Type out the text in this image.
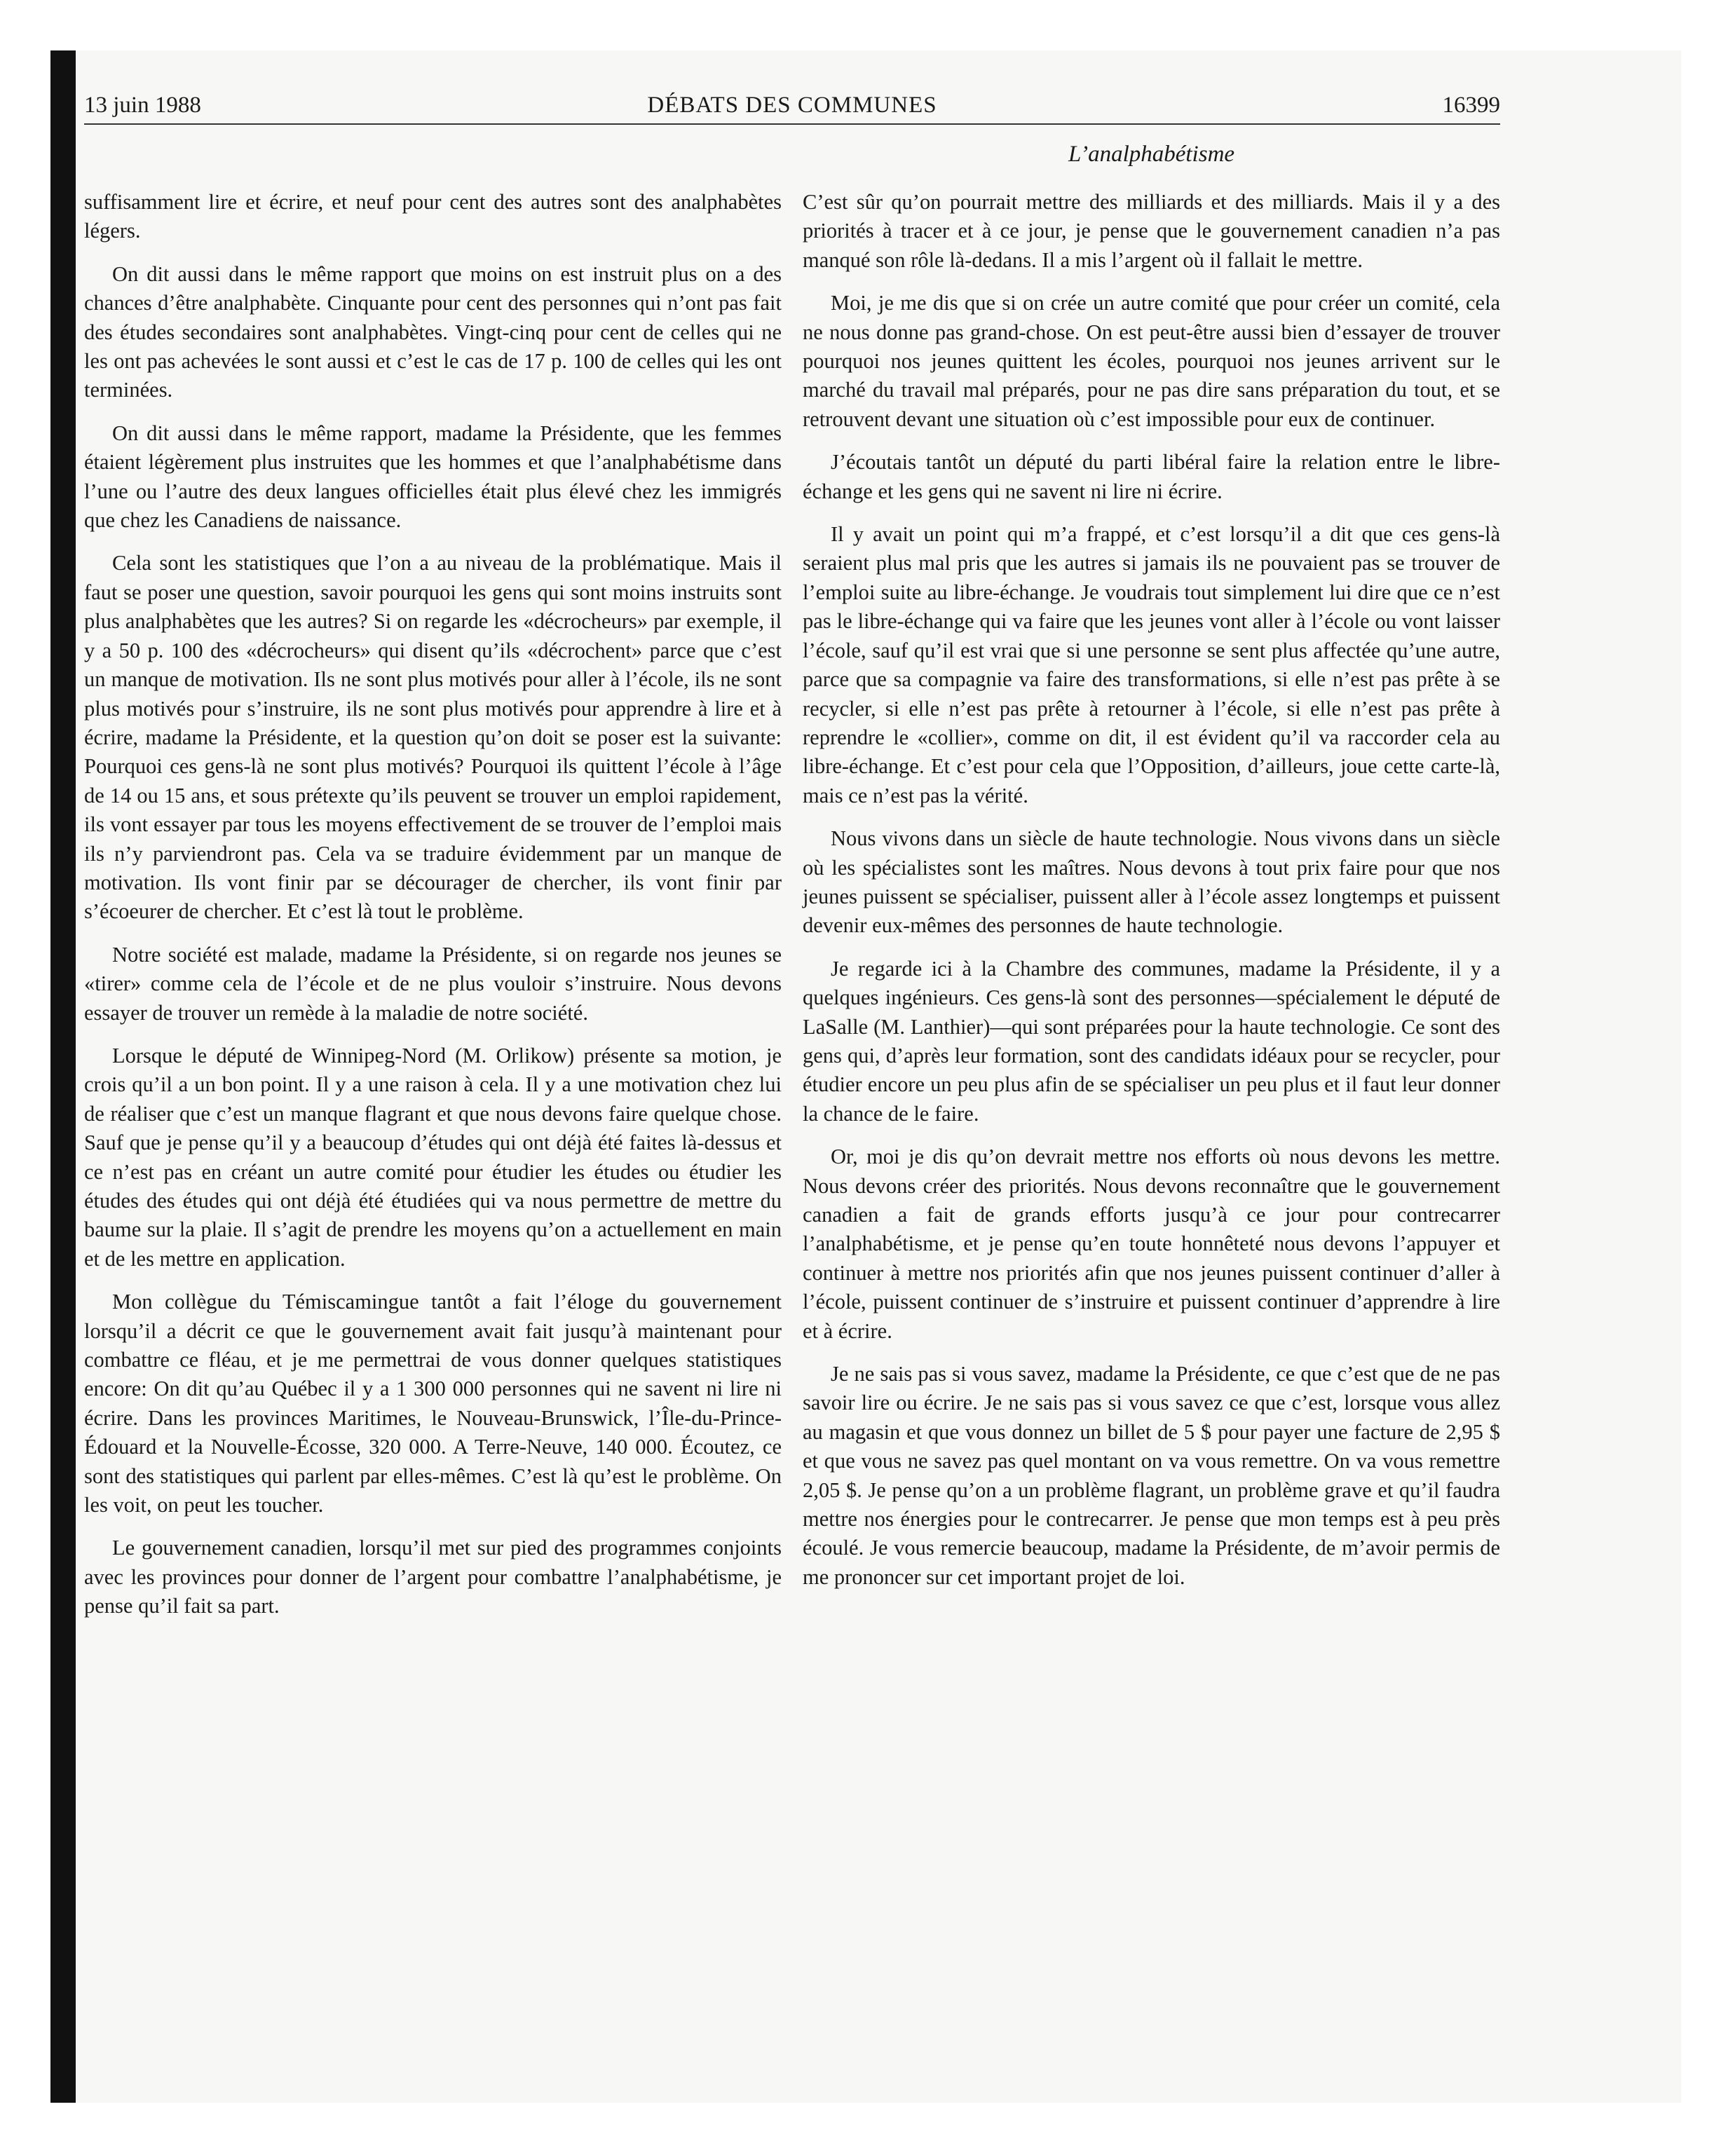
13 juin 1988	DÉBATS DES COMMUNES	16399
L’analphabétisme

suffisamment lire et écrire, et neuf pour cent des autres sont des analphabètes légers.

On dit aussi dans le même rapport que moins on est instruit plus on a des chances d’être analphabète. Cinquante pour cent des personnes qui n’ont pas fait des études secondaires sont analphabètes. Vingt-cinq pour cent de celles qui ne les ont pas achevées le sont aussi et c’est le cas de 17 p. 100 de celles qui les ont terminées.

On dit aussi dans le même rapport, madame la Présidente, que les femmes étaient légèrement plus instruites que les hommes et que l’analphabétisme dans l’une ou l’autre des deux langues officielles était plus élevé chez les immigrés que chez les Canadiens de naissance.

Cela sont les statistiques que l’on a au niveau de la problématique. Mais il faut se poser une question, savoir pourquoi les gens qui sont moins instruits sont plus analphabètes que les autres? Si on regarde les «décrocheurs» par exemple, il y a 50 p. 100 des «décrocheurs» qui disent qu’ils «décrochent» parce que c’est un manque de motivation. Ils ne sont plus motivés pour aller à l’école, ils ne sont plus motivés pour s’instruire, ils ne sont plus motivés pour apprendre à lire et à écrire, madame la Présidente, et la question qu’on doit se poser est la suivante: Pourquoi ces gens-là ne sont plus motivés? Pourquoi ils quittent l’école à l’âge de 14 ou 15 ans, et sous prétexte qu’ils peuvent se trouver un emploi rapidement, ils vont essayer par tous les moyens effectivement de se trouver de l’emploi mais ils n’y parviendront pas. Cela va se traduire évidemment par un manque de motivation. Ils vont finir par se décourager de chercher, ils vont finir par s’écoeurer de chercher. Et c’est là tout le problème.

Notre société est malade, madame la Présidente, si on regarde nos jeunes se «tirer» comme cela de l’école et de ne plus vouloir s’instruire. Nous devons essayer de trouver un remède à la maladie de notre société.

Lorsque le député de Winnipeg-Nord (M. Orlikow) présente sa motion, je crois qu’il a un bon point. Il y a une raison à cela. Il y a une motivation chez lui de réaliser que c’est un manque flagrant et que nous devons faire quelque chose. Sauf que je pense qu’il y a beaucoup d’études qui ont déjà été faites là-dessus et ce n’est pas en créant un autre comité pour étudier les études ou étudier les études des études qui ont déjà été étudiées qui va nous permettre de mettre du baume sur la plaie. Il s’agit de prendre les moyens qu’on a actuellement en main et de les mettre en application.

Mon collègue du Témiscamingue tantôt a fait l’éloge du gouvernement lorsqu’il a décrit ce que le gouvernement avait fait jusqu’à maintenant pour combattre ce fléau, et je me permettrai de vous donner quelques statistiques encore: On dit qu’au Québec il y a 1 300 000 personnes qui ne savent ni lire ni écrire. Dans les provinces Maritimes, le Nouveau-Brunswick, l’Île-du-Prince-Édouard et la Nouvelle-Écosse, 320 000. A Terre-Neuve, 140 000. Écoutez, ce sont des statistiques qui parlent par elles-mêmes. C’est là qu’est le problème. On les voit, on peut les toucher.

Le gouvernement canadien, lorsqu’il met sur pied des programmes conjoints avec les provinces pour donner de l’argent pour combattre l’analphabétisme, je pense qu’il fait sa part.

C’est sûr qu’on pourrait mettre des milliards et des milliards. Mais il y a des priorités à tracer et à ce jour, je pense que le gouvernement canadien n’a pas manqué son rôle là-dedans. Il a mis l’argent où il fallait le mettre.

Moi, je me dis que si on crée un autre comité que pour créer un comité, cela ne nous donne pas grand-chose. On est peut-être aussi bien d’essayer de trouver pourquoi nos jeunes quittent les écoles, pourquoi nos jeunes arrivent sur le marché du travail mal préparés, pour ne pas dire sans préparation du tout, et se retrouvent devant une situation où c’est impossible pour eux de continuer.

J’écoutais tantôt un député du parti libéral faire la relation entre le libre-échange et les gens qui ne savent ni lire ni écrire.

Il y avait un point qui m’a frappé, et c’est lorsqu’il a dit que ces gens-là seraient plus mal pris que les autres si jamais ils ne pouvaient pas se trouver de l’emploi suite au libre-échange. Je voudrais tout simplement lui dire que ce n’est pas le libre-échange qui va faire que les jeunes vont aller à l’école ou vont laisser l’école, sauf qu’il est vrai que si une personne se sent plus affectée qu’une autre, parce que sa compagnie va faire des transformations, si elle n’est pas prête à se recycler, si elle n’est pas prête à retourner à l’école, si elle n’est pas prête à reprendre le «collier», comme on dit, il est évident qu’il va raccorder cela au libre-échange. Et c’est pour cela que l’Opposition, d’ailleurs, joue cette carte-là, mais ce n’est pas la vérité.

Nous vivons dans un siècle de haute technologie. Nous vivons dans un siècle où les spécialistes sont les maîtres. Nous devons à tout prix faire pour que nos jeunes puissent se spécialiser, puissent aller à l’école assez longtemps et puissent devenir eux-mêmes des personnes de haute technologie.

Je regarde ici à la Chambre des communes, madame la Présidente, il y a quelques ingénieurs. Ces gens-là sont des personnes—spécialement le député de LaSalle (M. Lanthier)—qui sont préparées pour la haute technologie. Ce sont des gens qui, d’après leur formation, sont des candidats idéaux pour se recycler, pour étudier encore un peu plus afin de se spécialiser un peu plus et il faut leur donner la chance de le faire.

Or, moi je dis qu’on devrait mettre nos efforts où nous devons les mettre. Nous devons créer des priorités. Nous devons reconnaître que le gouvernement canadien a fait de grands efforts jusqu’à ce jour pour contrecarrer l’analphabétisme, et je pense qu’en toute honnêteté nous devons l’appuyer et continuer à mettre nos priorités afin que nos jeunes puissent continuer d’aller à l’école, puissent continuer de s’instruire et puissent continuer d’apprendre à lire et à écrire.

Je ne sais pas si vous savez, madame la Présidente, ce que c’est que de ne pas savoir lire ou écrire. Je ne sais pas si vous savez ce que c’est, lorsque vous allez au magasin et que vous donnez un billet de 5 $ pour payer une facture de 2,95 $ et que vous ne savez pas quel montant on va vous remettre. On va vous remettre 2,05 $. Je pense qu’on a un problème flagrant, un problème grave et qu’il faudra mettre nos énergies pour le contrecarrer. Je pense que mon temps est à peu près écoulé. Je vous remercie beaucoup, madame la Présidente, de m’avoir permis de me prononcer sur cet important projet de loi.
